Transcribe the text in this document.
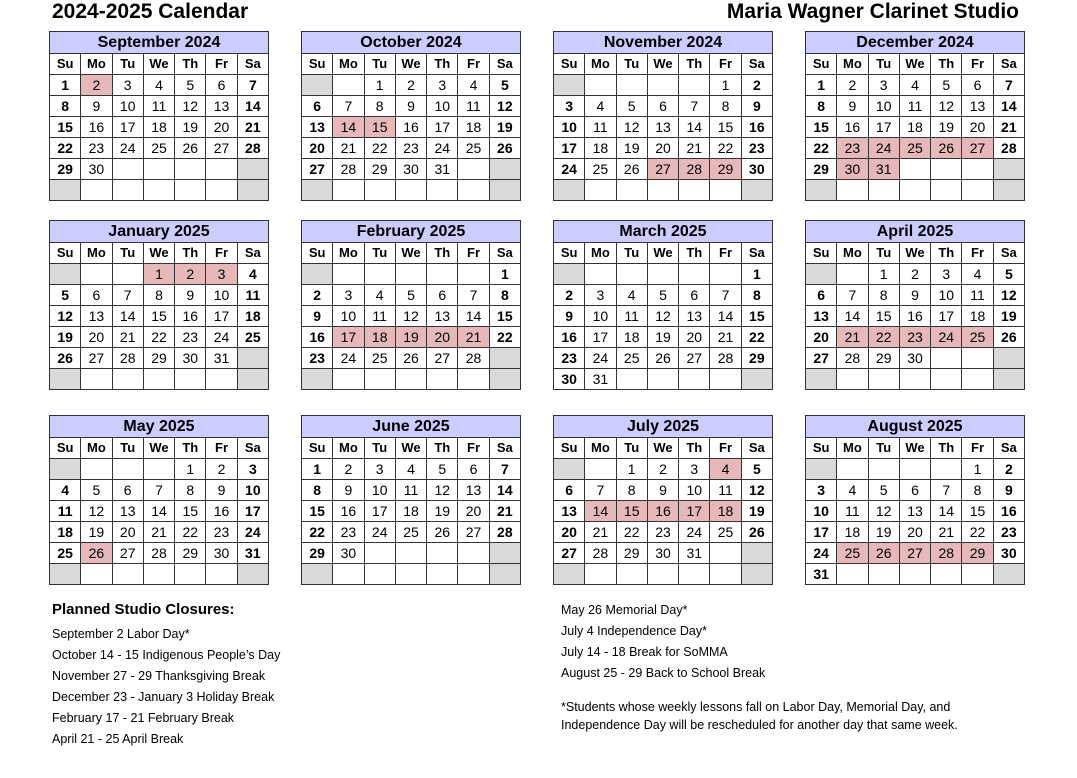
2024-2025 Calendar	Maria Wagner Clarinet Studio
September 2024
Su	Mo	Tu	We	Th	Fr	Sa
1	2	3	4	5	6	7
8	9	10	11	12	13	14
15	16	17	18	19	20	21
22	23	24	25	26	27	28
29	30					

October 2024
Su	Mo	Tu	We	Th	Fr	Sa
		1	2	3	4	5
6	7	8	9	10	11	12
13	14	15	16	17	18	19
20	21	22	23	24	25	26
27	28	29	30	31		

November 2024
Su	Mo	Tu	We	Th	Fr	Sa
					1	2
3	4	5	6	7	8	9
10	11	12	13	14	15	16
17	18	19	20	21	22	23
24	25	26	27	28	29	30

December 2024
Su	Mo	Tu	We	Th	Fr	Sa
1	2	3	4	5	6	7
8	9	10	11	12	13	14
15	16	17	18	19	20	21
22	23	24	25	26	27	28
29	30	31				

January 2025
Su	Mo	Tu	We	Th	Fr	Sa
			1	2	3	4
5	6	7	8	9	10	11
12	13	14	15	16	17	18
19	20	21	22	23	24	25
26	27	28	29	30	31	

February 2025
Su	Mo	Tu	We	Th	Fr	Sa
						1
2	3	4	5	6	7	8
9	10	11	12	13	14	15
16	17	18	19	20	21	22
23	24	25	26	27	28	

March 2025
Su	Mo	Tu	We	Th	Fr	Sa
						1
2	3	4	5	6	7	8
9	10	11	12	13	14	15
16	17	18	19	20	21	22
23	24	25	26	27	28	29
30	31					
April 2025
Su	Mo	Tu	We	Th	Fr	Sa
		1	2	3	4	5
6	7	8	9	10	11	12
13	14	15	16	17	18	19
20	21	22	23	24	25	26
27	28	29	30			

May 2025
Su	Mo	Tu	We	Th	Fr	Sa
				1	2	3
4	5	6	7	8	9	10
11	12	13	14	15	16	17
18	19	20	21	22	23	24
25	26	27	28	29	30	31

June 2025
Su	Mo	Tu	We	Th	Fr	Sa
1	2	3	4	5	6	7
8	9	10	11	12	13	14
15	16	17	18	19	20	21
22	23	24	25	26	27	28
29	30					

July 2025
Su	Mo	Tu	We	Th	Fr	Sa
		1	2	3	4	5
6	7	8	9	10	11	12
13	14	15	16	17	18	19
20	21	22	23	24	25	26
27	28	29	30	31		

August 2025
Su	Mo	Tu	We	Th	Fr	Sa
					1	2
3	4	5	6	7	8	9
10	11	12	13	14	15	16
17	18	19	20	21	22	23
24	25	26	27	28	29	30
31						
Planned Studio Closures:
September 2 Labor Day*
October 14 - 15 Indigenous People’s Day
November 27 - 29 Thanksgiving Break
December 23 - January 3 Holiday Break
February 17 - 21 February Break
April 21 - 25 April Break
May 26 Memorial Day*
July 4 Independence Day*
July 14 - 18 Break for SoMMA
August 25 - 29 Back to School Break
*Students whose weekly lessons fall on Labor Day, Memorial Day, and
Independence Day will be rescheduled for another day that same week.
